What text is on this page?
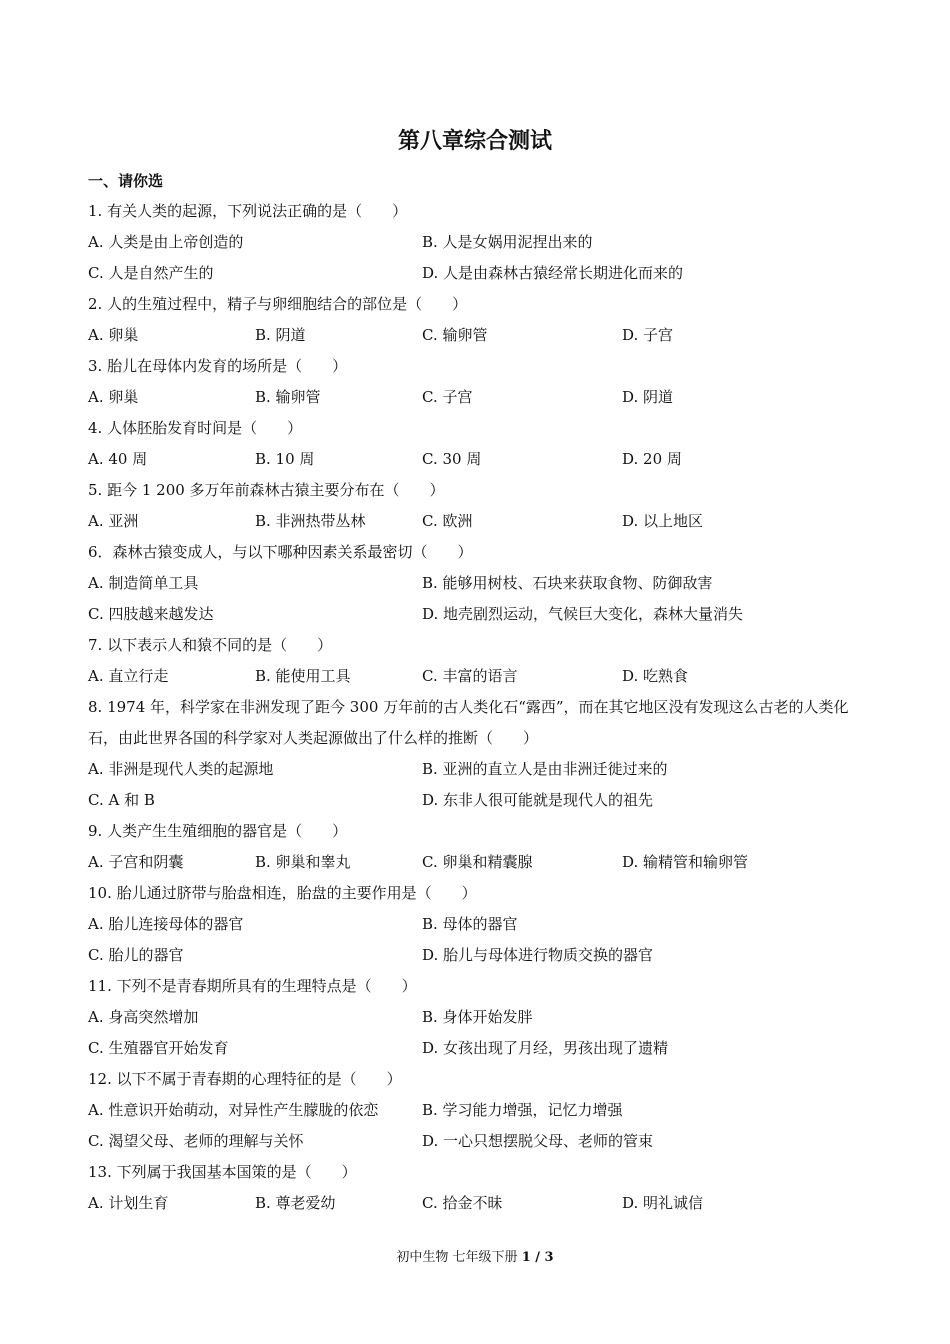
第八章综合测试
一、请你选
1. 有关人类的起源，下列说法正确的是（　　）
A. 人类是由上帝创造的	B. 人是女娲用泥捏出来的
C. 人是自然产生的	D. 人是由森林古猿经常长期进化而来的
2. 人的生殖过程中，精子与卵细胞结合的部位是（　　）
A. 卵巢	B. 阴道	C. 输卵管	D. 子宫
3. 胎儿在母体内发育的场所是（　　）
A. 卵巢	B. 输卵管	C. 子宫	D. 阴道
4. 人体胚胎发育时间是（　　）
A. 40 周	B. 10 周	C. 30 周	D. 20 周
5. 距今 1 200 多万年前森林古猿主要分布在（　　）
A. 亚洲	B. 非洲热带丛林	C. 欧洲	D. 以上地区
6．森林古猿变成人，与以下哪种因素关系最密切（　　）
A. 制造简单工具	B. 能够用树枝、石块来获取食物、防御敌害
C. 四肢越来越发达	D. 地壳剧烈运动，气候巨大变化，森林大量消失
7. 以下表示人和猿不同的是（　　）
A. 直立行走	B. 能使用工具	C. 丰富的语言	D. 吃熟食
8. 1974 年，科学家在非洲发现了距今 300 万年前的古人类化石“露西”，而在其它地区没有发现这么古老的人类化石，由此世界各国的科学家对人类起源做出了什么样的推断（　　）
A. 非洲是现代人类的起源地	B. 亚洲的直立人是由非洲迁徙过来的
C. A 和 B	D. 东非人很可能就是现代人的祖先
9. 人类产生生殖细胞的器官是（　　）
A. 子宫和阴囊	B. 卵巢和睾丸	C. 卵巢和精囊腺	D. 输精管和输卵管
10. 胎儿通过脐带与胎盘相连，胎盘的主要作用是（　　）
A. 胎儿连接母体的器官	B. 母体的器官
C. 胎儿的器官	D. 胎儿与母体进行物质交换的器官
11. 下列不是青春期所具有的生理特点是（　　）
A. 身高突然增加	B. 身体开始发胖
C. 生殖器官开始发育	D. 女孩出现了月经，男孩出现了遗精
12. 以下不属于青春期的心理特征的是（　　）
A. 性意识开始萌动，对异性产生朦胧的依恋	B. 学习能力增强，记忆力增强
C. 渴望父母、老师的理解与关怀	D. 一心只想摆脱父母、老师的管束
13. 下列属于我国基本国策的是（　　）
A. 计划生育	B. 尊老爱幼	C. 拾金不昧	D. 明礼诚信
初中生物 七年级下册 1 / 3
